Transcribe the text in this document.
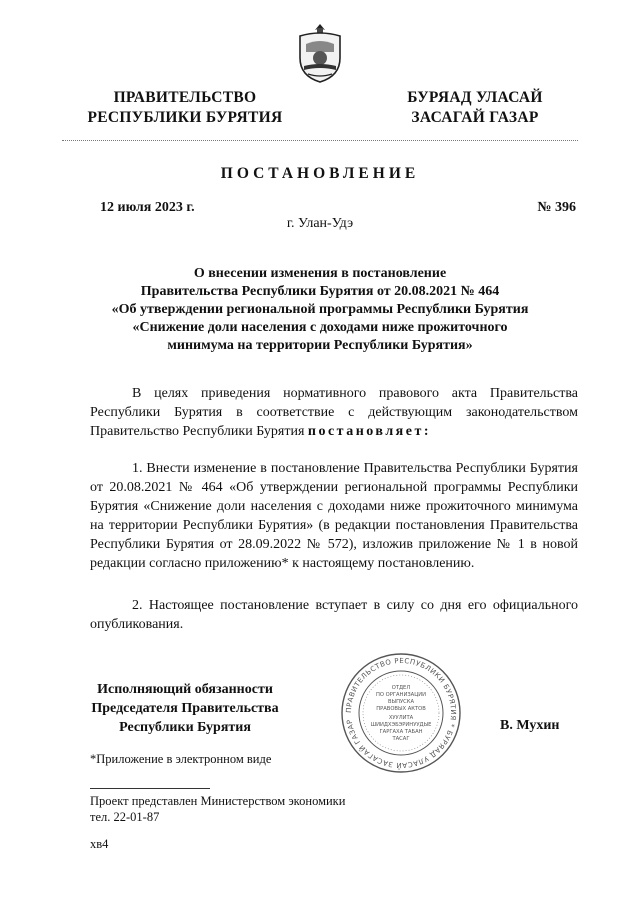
ПРАВИТЕЛЬСТВО
РЕСПУБЛИКИ БУРЯТИЯ
БУРЯАД УЛАСАЙ
ЗАСАГАЙ ГАЗАР
ПОСТАНОВЛЕНИЕ
12 июля 2023 г.	№ 396
г. Улан-Удэ
О внесении изменения в постановление
Правительства Республики Бурятия от 20.08.2021 № 464
«Об утверждении региональной программы Республики Бурятия
«Снижение доли населения с доходами ниже прожиточного
минимума на территории Республики Бурятия»
В целях приведения нормативного правового акта Правительства Республики Бурятия в соответствие с действующим законодательством Правительство Республики Бурятия постановляет:
1. Внести изменение в постановление Правительства Республики Бурятия от 20.08.2021 № 464 «Об утверждении региональной программы Республики Бурятия «Снижение доли населения с доходами ниже прожиточного минимума на территории Республики Бурятия» (в редакции постановления Правительства Республики Бурятия от 28.09.2022 № 572), изложив приложение № 1 в новой редакции согласно приложению* к настоящему постановлению.
2. Настоящее постановление вступает в силу со дня его официального опубликования.
Исполняющий обязанности
Председателя Правительства
Республики Бурятия	В. Мухин
ПРАВИТЕЛЬСТВО РЕСПУБЛИКИ БУРЯТИЯ * БУРЯАД УЛАСАЙ ЗАСАГАЙ ГАЗАР
ОТДЕЛ
ПО ОРГАНИЗАЦИИ
ВЫПУСКА
ПРАВОВЫХ АКТОВ
ХУУЛИТА
ШИИДХЭБЭРИНУУДЫЕ
ГАРГАХА ТАБАН
ТАСАГ
*Приложение в электронном виде
Проект представлен Министерством экономики
тел. 22-01-87
хв4
